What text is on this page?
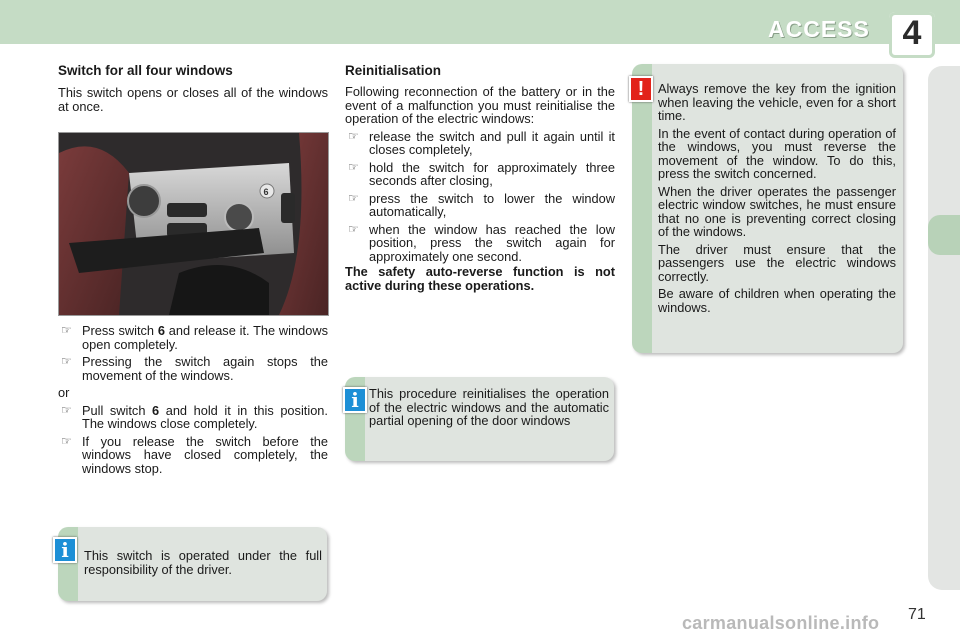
ACCESS 4
Switch for all four windows

This switch opens or closes all of the windows at once.

6
☞ Press switch 6 and release it. The windows open completely.
☞ Pressing the switch again stops the movement of the windows.

or

☞ Pull switch 6 and hold it in this position. The windows close completely.
☞ If you release the switch before the windows have closed completely, the windows stop.
This switch is operated under the full responsibility of the driver.
i
Reinitialisation

Following reconnection of the battery or in the event of a malfunction you must reinitialise the operation of the electric windows:

☞ release the switch and pull it again until it closes completely,
☞ hold the switch for approximately three seconds after closing,
☞ press the switch to lower the window automatically,
☞ when the window has reached the low position, press the switch again for approximately one second.

The safety auto-reverse function is not active during these operations.

This procedure reinitialises the operation of the electric windows and the automatic partial opening of the door windows
i

Always remove the key from the ignition when leaving the vehicle, even for a short time.

In the event of contact during operation of the windows, you must reverse the movement of the window. To do this, press the switch concerned.

When the driver operates the passenger electric window switches, he must ensure that no one is preventing correct closing of the windows.

The driver must ensure that the passengers use the electric windows correctly.

Be aware of children when operating the windows.

!
carmanualsonline.info 71
